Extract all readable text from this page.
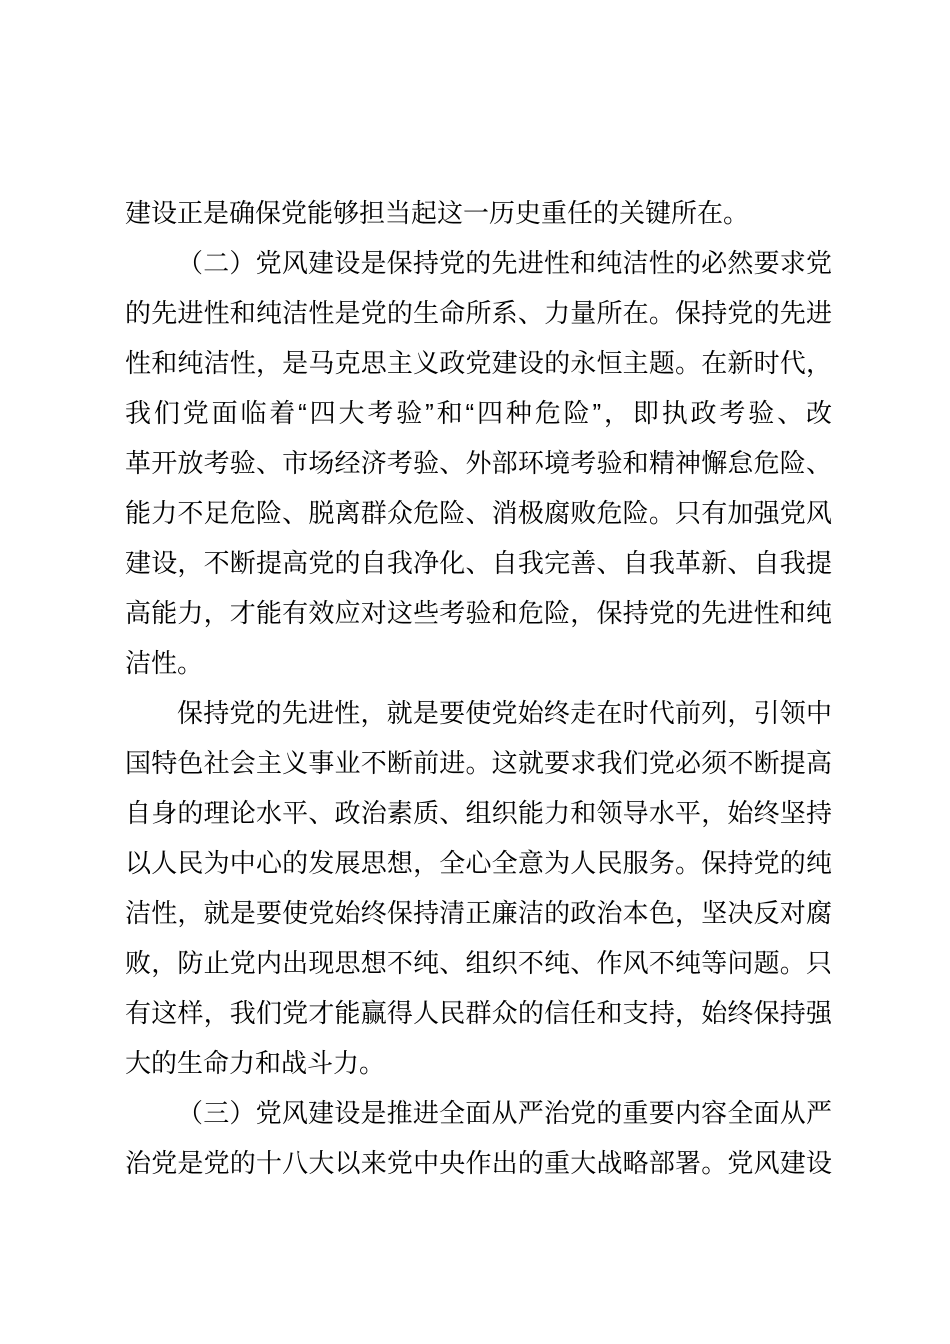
建设正是确保党能够担当起这一历史重任的关键所在。
（二）党风建设是保持党的先进性和纯洁性的必然要求党
的先进性和纯洁性是党的生命所系、力量所在。保持党的先进
性和纯洁性，是马克思主义政党建设的永恒主题。在新时代，
我们党面临着“四大考验”和“四种危险”，即执政考验、改
革开放考验、市场经济考验、外部环境考验和精神懈怠危险、
能力不足危险、脱离群众危险、消极腐败危险。只有加强党风
建设，不断提高党的自我净化、自我完善、自我革新、自我提
高能力，才能有效应对这些考验和危险，保持党的先进性和纯
洁性。
保持党的先进性，就是要使党始终走在时代前列，引领中
国特色社会主义事业不断前进。这就要求我们党必须不断提高
自身的理论水平、政治素质、组织能力和领导水平，始终坚持
以人民为中心的发展思想，全心全意为人民服务。保持党的纯
洁性，就是要使党始终保持清正廉洁的政治本色，坚决反对腐
败，防止党内出现思想不纯、组织不纯、作风不纯等问题。只
有这样，我们党才能赢得人民群众的信任和支持，始终保持强
大的生命力和战斗力。
（三）党风建设是推进全面从严治党的重要内容全面从严
治党是党的十八大以来党中央作出的重大战略部署。党风建设
